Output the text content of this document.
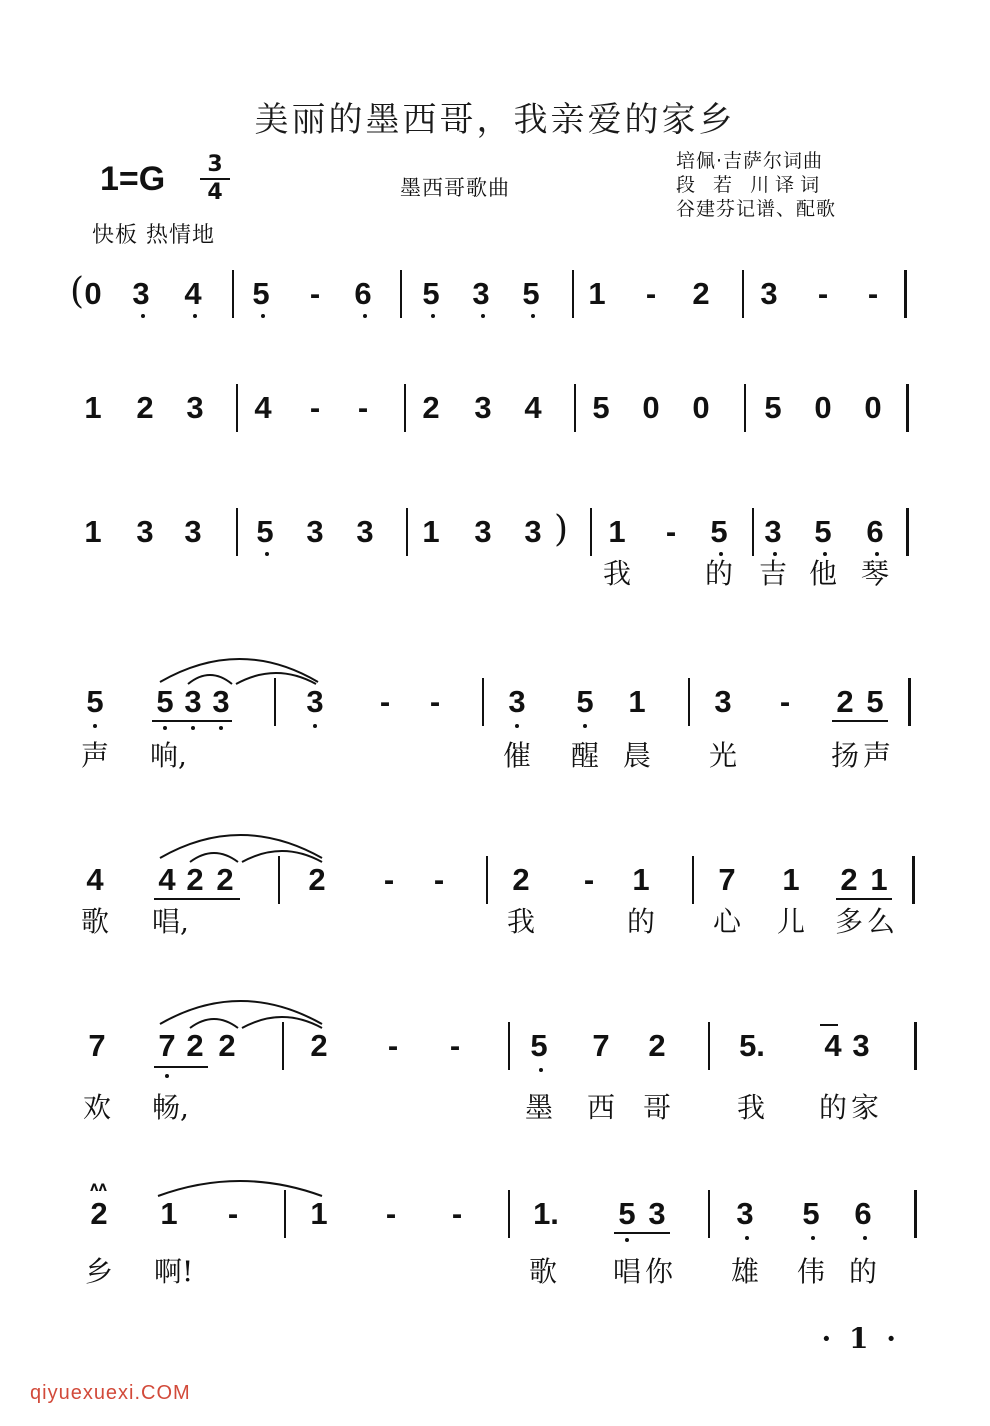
美丽的墨西哥，我亲爱的家乡
1=G	3
4	墨西哥歌曲
培佩·吉萨尔词曲
段 若 川译词
谷建芬记谱、配歌
快板 热情地
( 0 3 4 5	-	6 5 3 5 1	-	2 3	-	-
1 2 3 4	-	-	2 3 4 5 0 0 5 0 0
1 3 3 5 3 3 1 3 3 ) 1	-	5 3 5 6
我	的 吉 他 琴
5 5 3 3 3	-	-	3 5 1 3	-	2 5
声 响,	催 醒 晨 光	扬 声
4 4 2 2 2	-	-	2	-	1 7 1 2 1
歌 唱,	我	的 心 儿 多 么
7 7 2 2 2	-	-	5 7 2 5. 4 3
欢 畅,	墨 西 哥 我 的 家
ᴧᴧ
2 1	-	1	-	-	1. 5 3 3 5 6
乡 啊!	歌 唱 你 雄 伟 的
· 1 ·
qiyuexuexi.COM
